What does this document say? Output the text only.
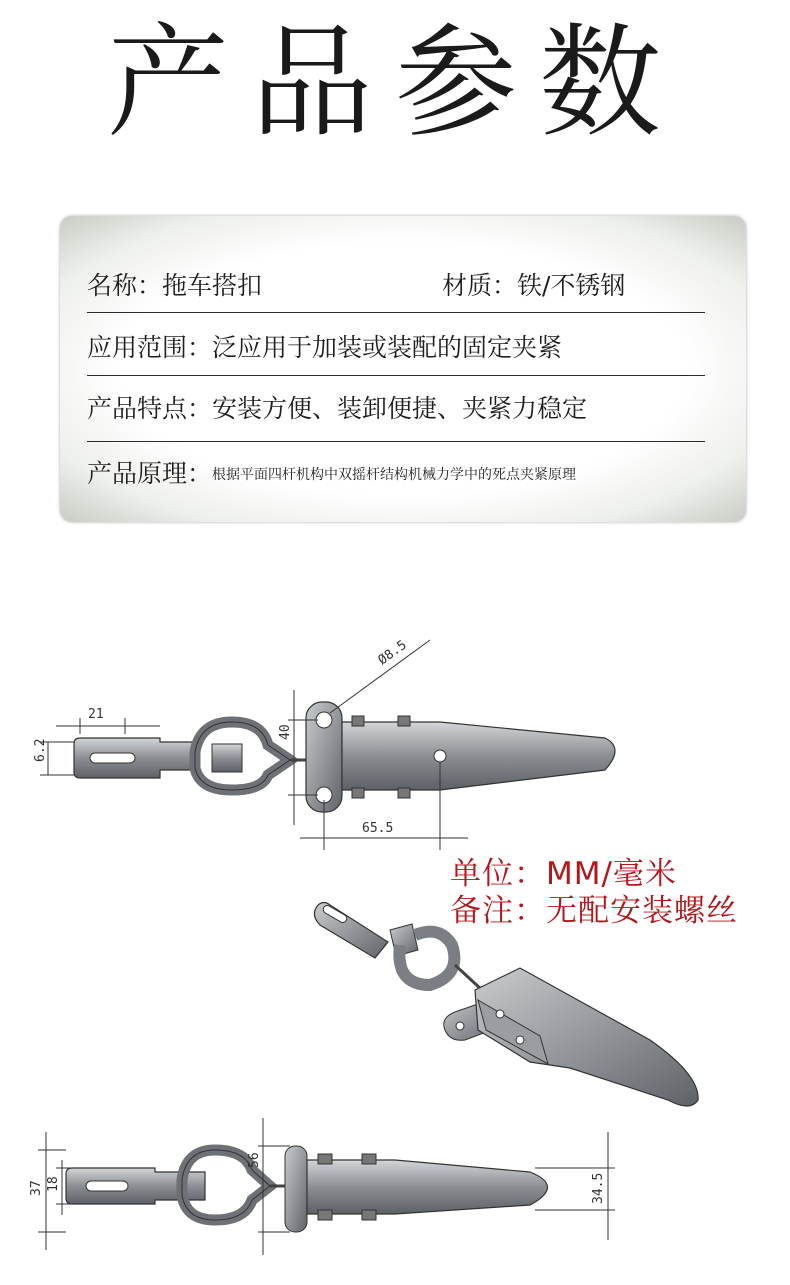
产品参数
名称：拖车搭扣	材质：铁/不锈钢
应用范围：泛应用于加装或装配的固定夹紧
产品特点：安装方便、装卸便捷、夹紧力稳定
产品原理：根据平面四杆机构中双摇杆结构机械力学中的死点夹紧原理
21
6.2
Ø8.5
40
65.5
37 18
56
34.5
单位：MM/毫米
备注：无配安装螺丝
